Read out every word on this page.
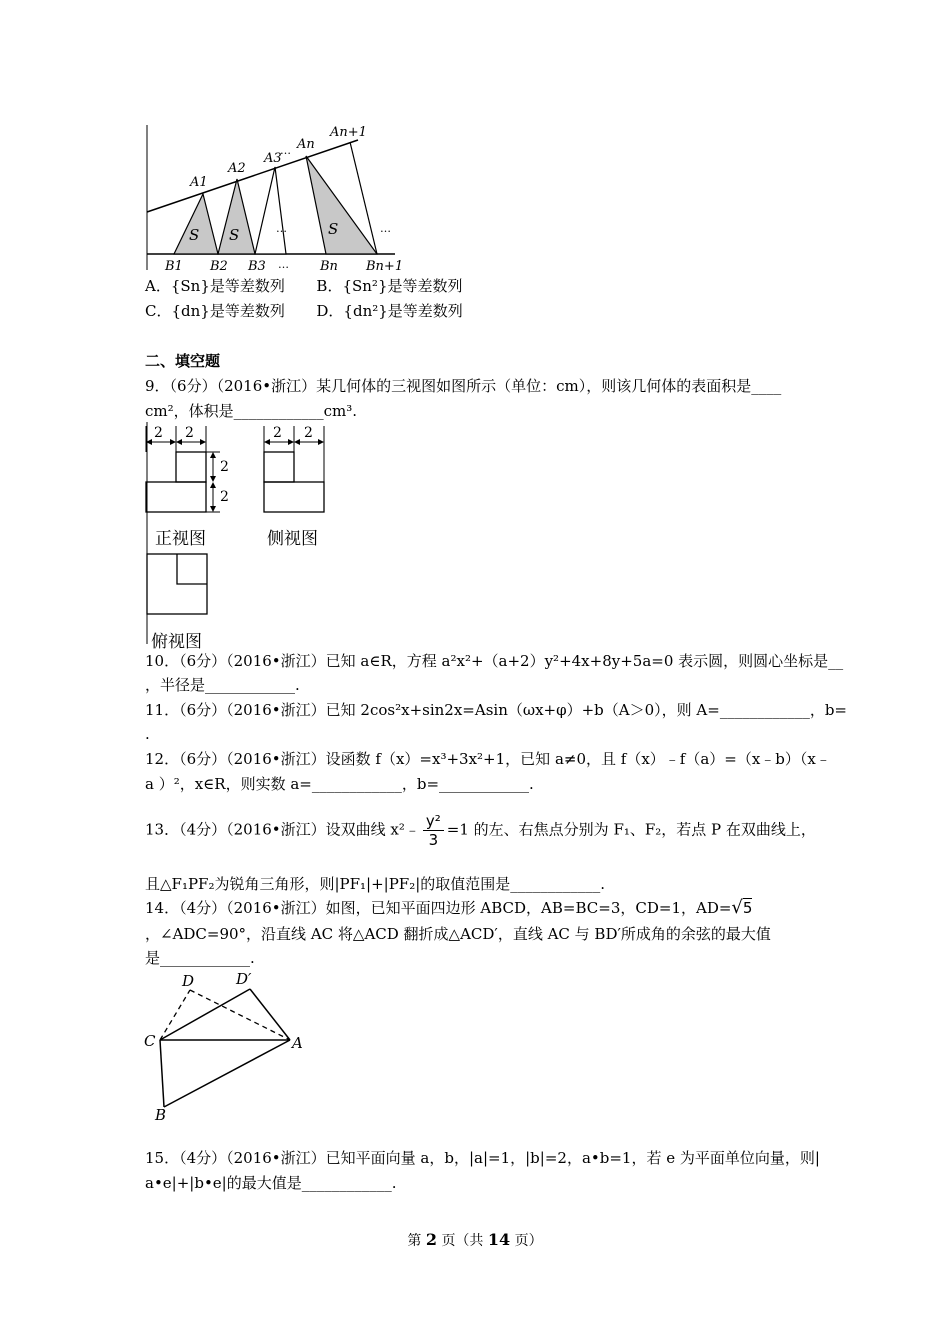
A1
A2
A3
… An
An+1
B1 B2 B3 … Bn Bn+1
S S	S
…	…
A．{Sn}是等差数列 B．{Sn²}是等差数列
C．{dn}是等差数列 D．{dn²}是等差数列
二、填空题
9．（6分）（2016•浙江）某几何体的三视图如图所示（单位：cm），则该几何体的表面积是____
cm²，体积是____________cm³.
2 2
2
2
2 2
正视图	侧视图
俯视图
10．（6分）（2016•浙江）已知 a∈R，方程 a²x²+（a+2）y²+4x+8y+5a=0 表示圆，则圆心坐标是__
，半径是____________.
11．（6分）（2016•浙江）已知 2cos²x+sin2x=Asin（ωx+φ）+b（A＞0），则 A=____________，b=
.
12．（6分）（2016•浙江）设函数 f（x）=x³+3x²+1，已知 a≠0，且 f（x）﹣f（a）=（x﹣b）（x﹣
a ）²，x∈R，则实数 a=____________，b=____________.
13．（4分）（2016•浙江）设双曲线 x²﹣ $\frac{\text{y²}}{3} =1$ 的左、右焦点分别为 F₁、F₂，若点 P 在双曲线上，
且△F₁PF₂为锐角三角形，则|PF₁|+|PF₂|的取值范围是____________.
14．（4分）（2016•浙江）如图，已知平面四边形 ABCD，AB=BC=3，CD=1，AD=√5
，∠ADC=90°，沿直线 AC 将△ACD 翻折成△ACD′，直线 AC 与 BD′所成角的余弦的最大值
是____________.
D	D′
C	A
B
15．（4分）（2016•浙江）已知平面向量 a，b，|a|=1，|b|=2，a•b=1，若 e 为平面单位向量，则|
a•e|+|b•e|的最大值是____________.
第 2 页（共 14 页）
